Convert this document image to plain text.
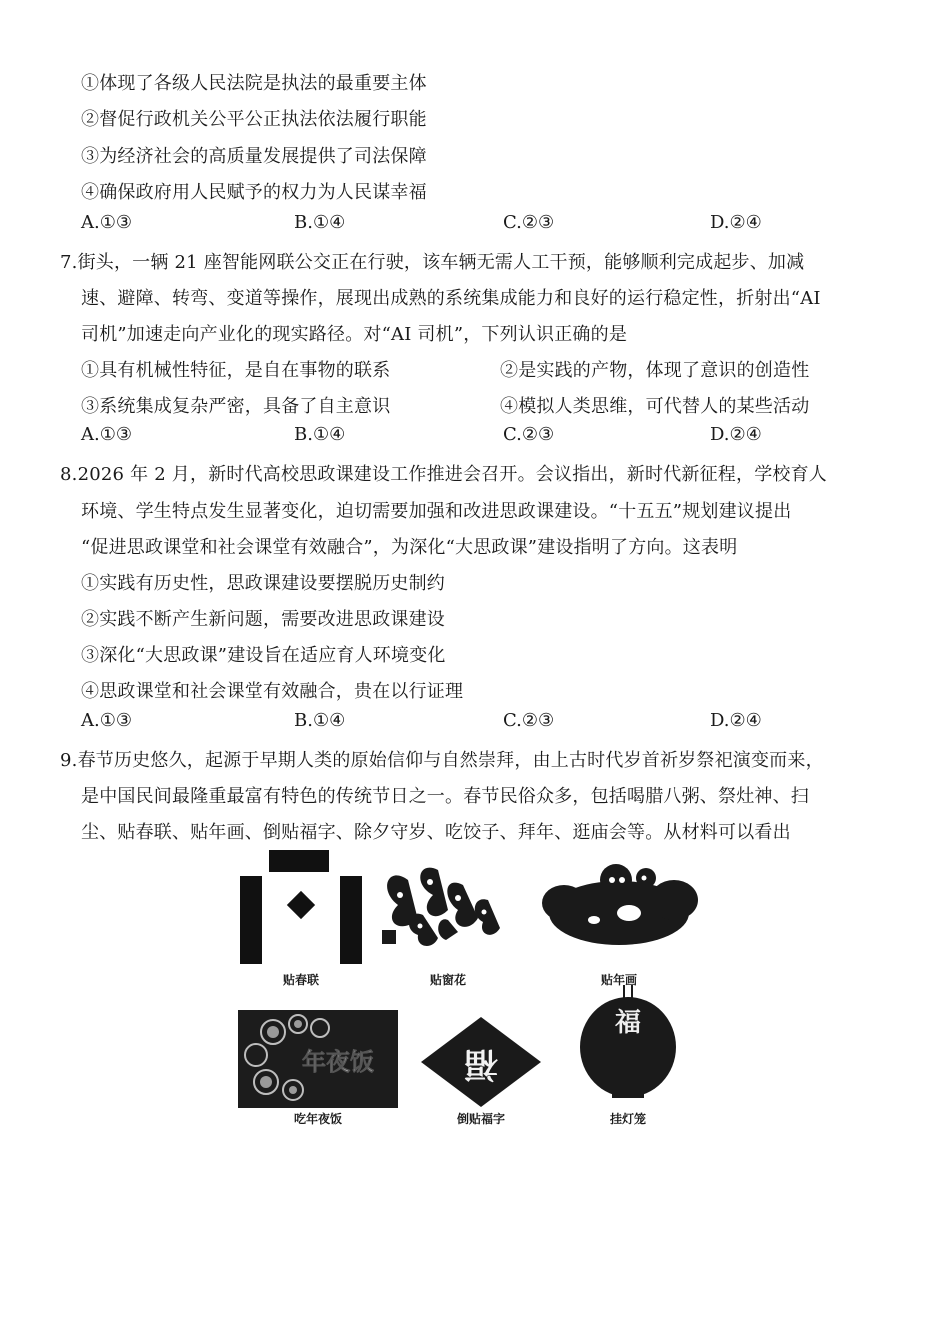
①体现了各级人民法院是执法的最重要主体
②督促行政机关公平公正执法依法履行职能
③为经济社会的高质量发展提供了司法保障
④确保政府用人民赋予的权力为人民谋幸福
A.①③	B.①④	C.②③	D.②④
7.街头，一辆 21 座智能网联公交正在行驶，该车辆无需人工干预，能够顺利完成起步、加减
速、避障、转弯、变道等操作，展现出成熟的系统集成能力和良好的运行稳定性，折射出“AI
司机”加速走向产业化的现实路径。对“AI 司机”，下列认识正确的是
①具有机械性特征，是自在事物的联系	②是实践的产物，体现了意识的创造性
③系统集成复杂严密，具备了自主意识	④模拟人类思维，可代替人的某些活动
A.①③	B.①④	C.②③	D.②④
8.2026 年 2 月，新时代高校思政课建设工作推进会召开。会议指出，新时代新征程，学校育人
环境、学生特点发生显著变化，迫切需要加强和改进思政课建设。“十五五”规划建议提出
“促进思政课堂和社会课堂有效融合”，为深化“大思政课”建设指明了方向。这表明
①实践有历史性，思政课建设要摆脱历史制约
②实践不断产生新问题，需要改进思政课建设
③深化“大思政课”建设旨在适应育人环境变化
④思政课堂和社会课堂有效融合，贵在以行证理
A.①③	B.①④	C.②③	D.②④
9.春节历史悠久，起源于早期人类的原始信仰与自然崇拜，由上古时代岁首祈岁祭祀演变而来，
是中国民间最隆重最富有特色的传统节日之一。春节民俗众多，包括喝腊八粥、祭灶神、扫
尘、贴春联、贴年画、倒贴福字、除夕守岁、吃饺子、拜年、逛庙会等。从材料可以看出
贴春联	贴窗花	贴年画
年夜饭
吃年夜饭
福
倒贴福字
福
挂灯笼
